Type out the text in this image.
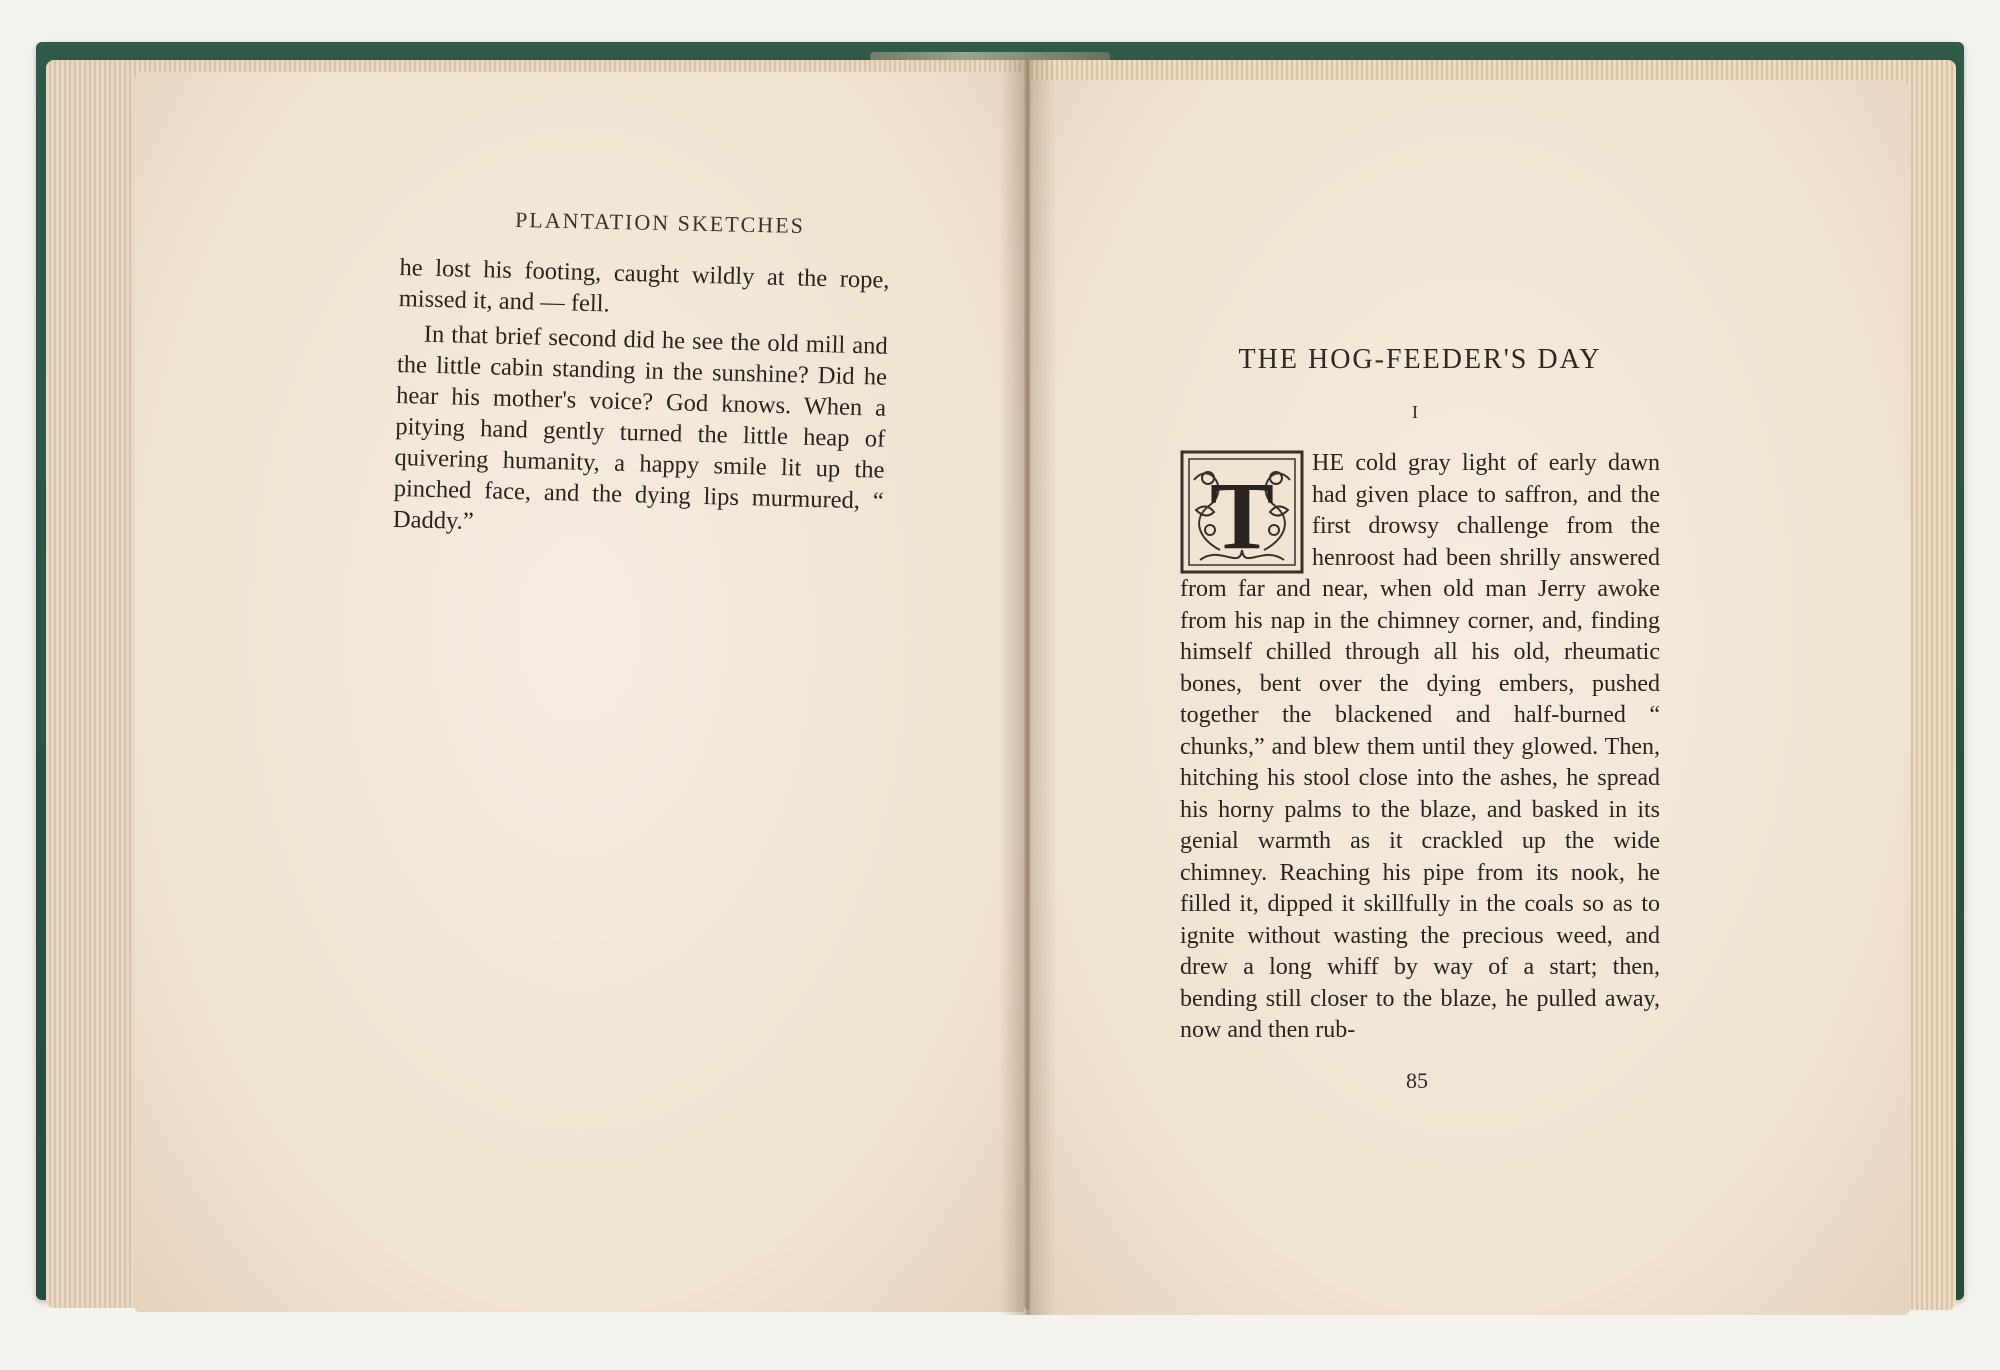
PLANTATION SKETCHES

he lost his footing, caught wildly at the rope, missed it, and — fell.

In that brief second did he see the old mill and the little cabin standing in the sunshine? Did he hear his mother's voice? God knows. When a pitying hand gently turned the little heap of quivering humanity, a happy smile lit up the pinched face, and the dying lips murmured, “ Daddy.”

THE HOG-FEEDER'S DAY
I
T	HE cold gray light of early dawn had given place to saffron, and the first drowsy challenge from the henroost had been shrilly answered from far and near, when old man Jerry awoke from his nap in the chimney corner, and, finding himself chilled through all his old, rheumatic bones, bent over the dying embers, pushed together the blackened and half-burned “ chunks,” and blew them until they glowed. Then, hitching his stool close into the ashes, he spread his horny palms to the blaze, and basked in its genial warmth as it crackled up the wide chimney. Reaching his pipe from its nook, he filled it, dipped it skillfully in the coals so as to ignite without wasting the precious weed, and drew a long whiff by way of a start; then, bending still closer to the blaze, he pulled away, now and then rub-

85
